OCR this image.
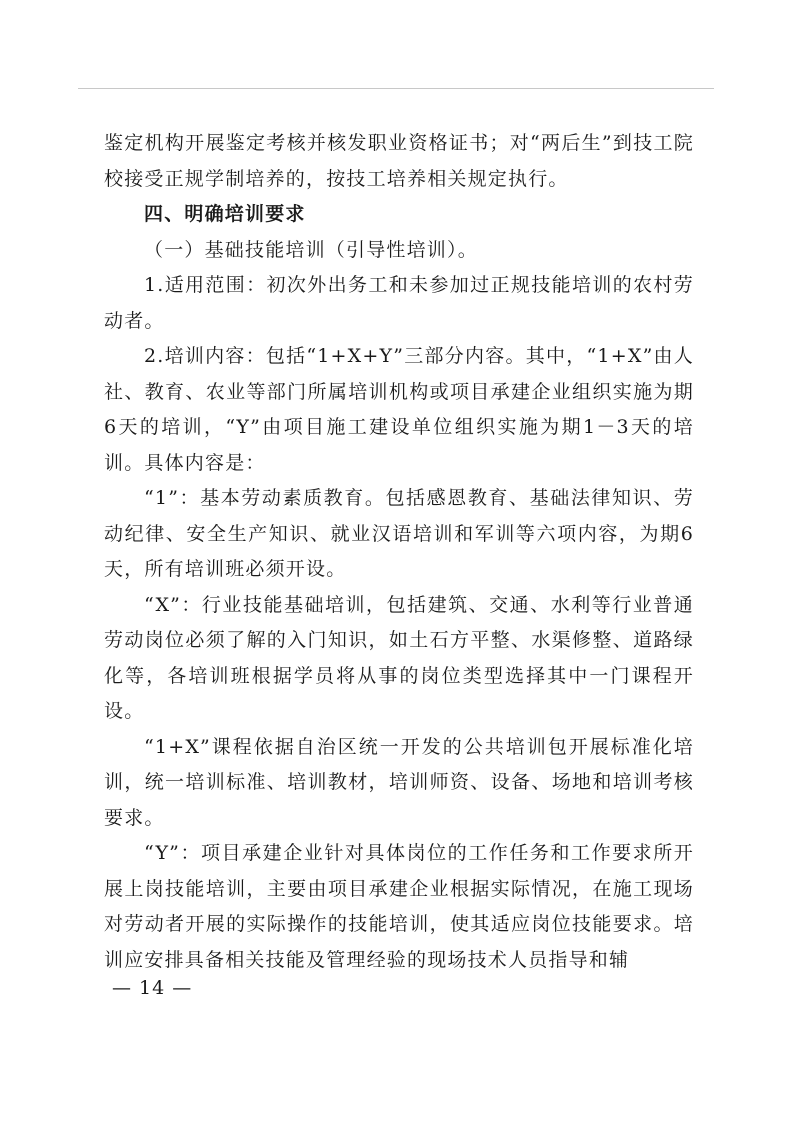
鉴定机构开展鉴定考核并核发职业资格证书；对“两后生”到技工院校接受正规学制培养的，按技工培养相关规定执行。

四、明确培训要求

（一）基础技能培训（引导性培训）。

1.适用范围：初次外出务工和未参加过正规技能培训的农村劳动者。

2.培训内容：包括“1+X+Y”三部分内容。其中，“1+X”由人社、教育、农业等部门所属培训机构或项目承建企业组织实施为期6天的培训，“Y”由项目施工建设单位组织实施为期1－3天的培训。具体内容是：

“1”：基本劳动素质教育。包括感恩教育、基础法律知识、劳动纪律、安全生产知识、就业汉语培训和军训等六项内容，为期6天，所有培训班必须开设。

“X”：行业技能基础培训，包括建筑、交通、水利等行业普通劳动岗位必须了解的入门知识，如土石方平整、水渠修整、道路绿化等，各培训班根据学员将从事的岗位类型选择其中一门课程开设。

“1+X”课程依据自治区统一开发的公共培训包开展标准化培训，统一培训标准、培训教材，培训师资、设备、场地和培训考核要求。

“Y”：项目承建企业针对具体岗位的工作任务和工作要求所开展上岗技能培训，主要由项目承建企业根据实际情况，在施工现场对劳动者开展的实际操作的技能培训，使其适应岗位技能要求。培训应安排具备相关技能及管理经验的现场技术人员指导和辅

— 14 —
